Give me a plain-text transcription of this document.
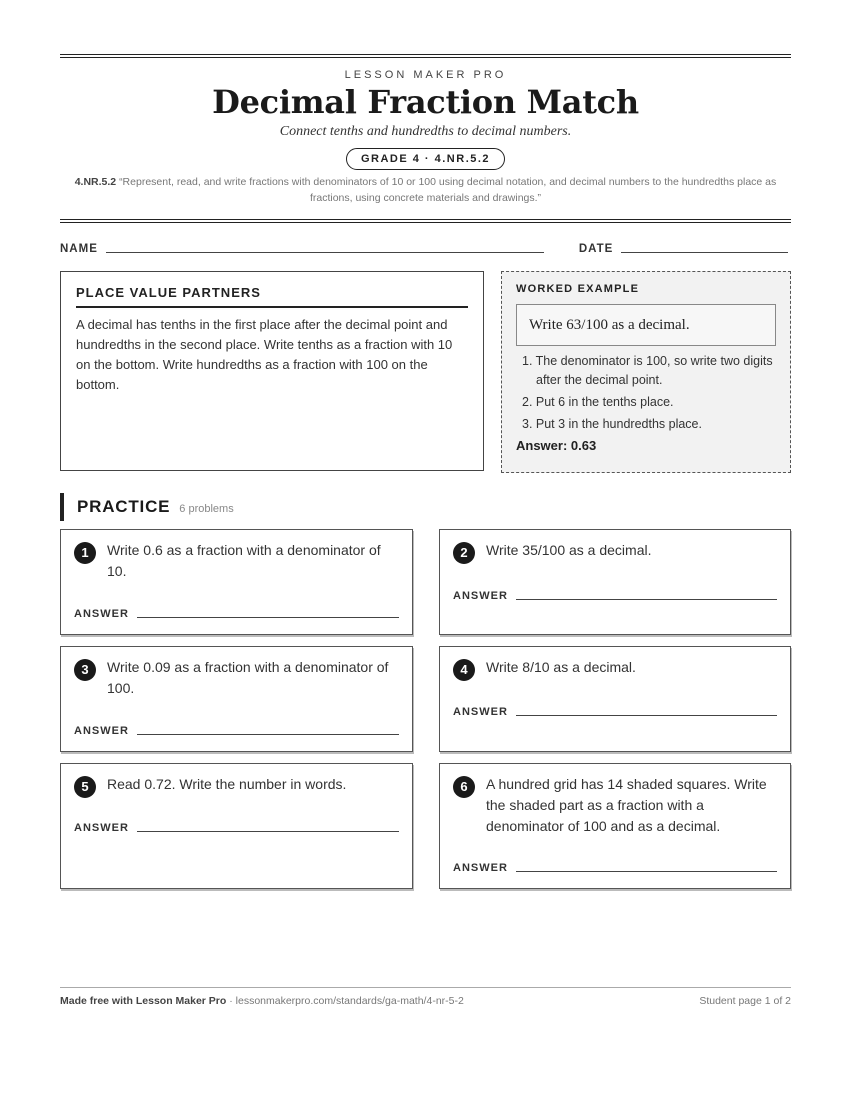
LESSON MAKER PRO
Decimal Fraction Match
Connect tenths and hundredths to decimal numbers.
GRADE 4 · 4.NR.5.2
4.NR.5.2 “Represent, read, and write fractions with denominators of 10 or 100 using decimal notation, and decimal numbers to the hundredths place as fractions, using concrete materials and drawings.”
NAME	DATE
PLACE VALUE PARTNERS
A decimal has tenths in the first place after the decimal point and hundredths in the second place. Write tenths as a fraction with 10 on the bottom. Write hundredths as a fraction with 100 on the bottom.
WORKED EXAMPLE
Write 63/100 as a decimal.
1. The denominator is 100, so write two digits after the decimal point.
2. Put 6 in the tenths place.
3. Put 3 in the hundredths place.
Answer: 0.63
PRACTICE 6 problems
1	Write 0.6 as a fraction with a denominator of 10.
ANSWER
2	Write 35/100 as a decimal.
ANSWER
3	Write 0.09 as a fraction with a denominator of 100.
ANSWER
4	Write 8/10 as a decimal.
ANSWER
5	Read 0.72. Write the number in words.
ANSWER
6	A hundred grid has 14 shaded squares. Write the shaded part as a fraction with a denominator of 100 and as a decimal.
ANSWER
Made free with Lesson Maker Pro · lessonmakerpro.com/standards/ga-math/4-nr-5-2	Student page 1 of 2
